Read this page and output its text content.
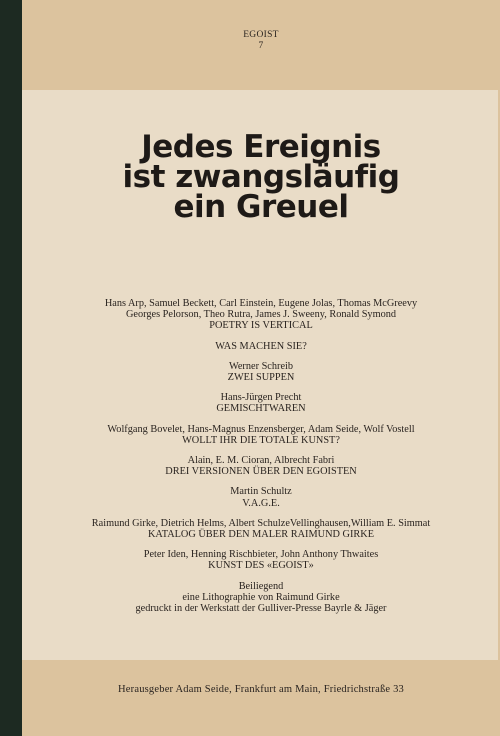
EGOIST
7
Jedes Ereignis
ist zwangsläufig
ein Greuel
Hans Arp, Samuel Beckett, Carl Einstein, Eugene Jolas, Thomas McGreevy
Georges Pelorson, Theo Rutra, James J. Sweeny, Ronald Symond
POETRY IS VERTICAL
WAS MACHEN SIE?
Werner Schreib
ZWEI SUPPEN
Hans-Jürgen Precht
GEMISCHTWAREN
Wolfgang Bovelet, Hans-Magnus Enzensberger, Adam Seide, Wolf Vostell
WOLLT IHR DIE TOTALE KUNST?
Alain, E. M. Cioran, Albrecht Fabri
DREI VERSIONEN ÜBER DEN EGOISTEN
Martin Schultz
V.A.G.E.
Raimund Girke, Dietrich Helms, Albert SchulzeVellinghausen,William E. Simmat
KATALOG ÜBER DEN MALER RAIMUND GIRKE
Peter Iden, Henning Rischbieter, John Anthony Thwaites
KUNST DES «EGOIST»
Beiliegend
eine Lithographie von Raimund Girke
gedruckt in der Werkstatt der Gulliver-Presse Bayrle & Jäger
Herausgeber Adam Seide, Frankfurt am Main, Friedrichstraße 33
